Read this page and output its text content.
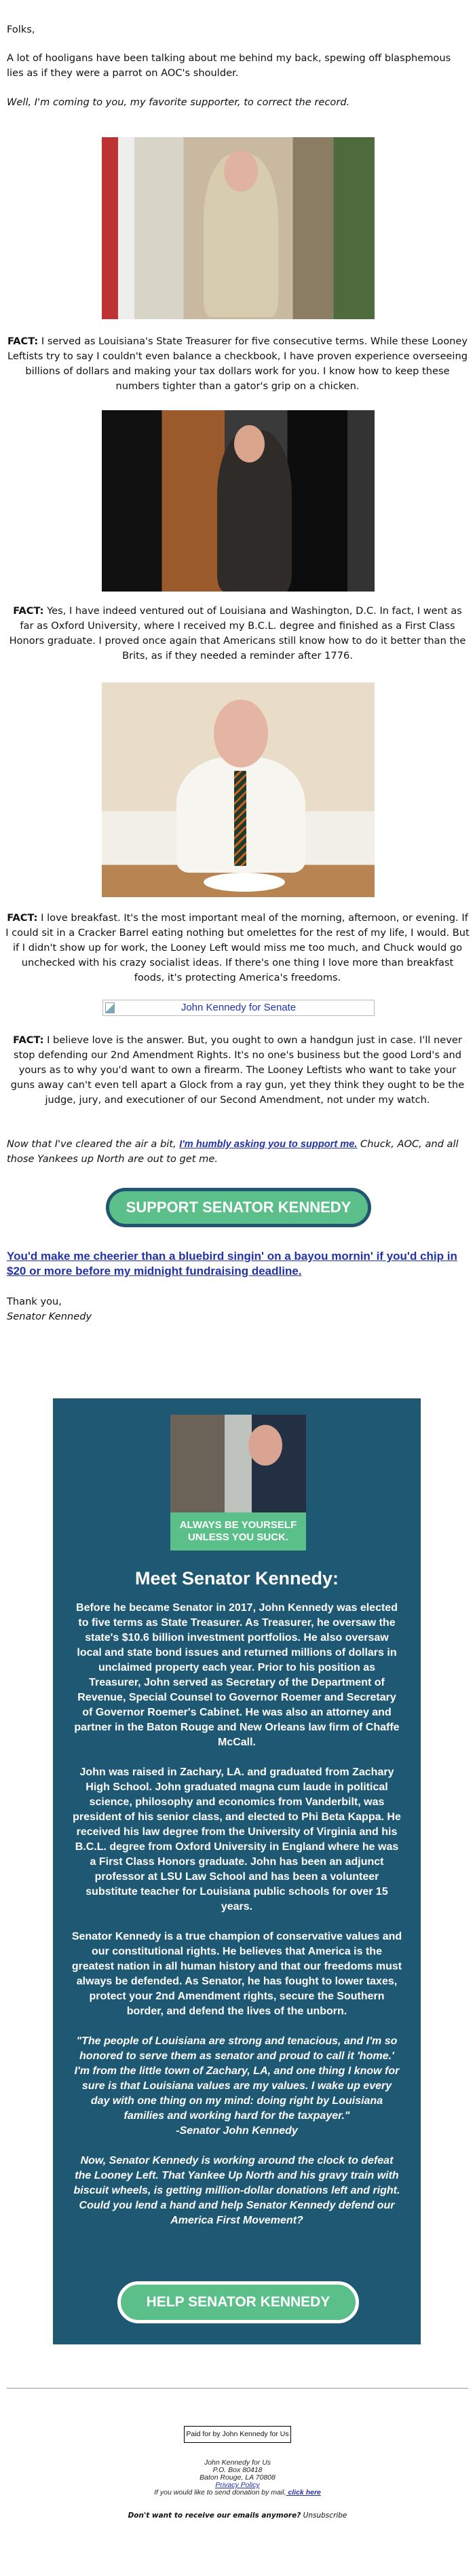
Folks,
A lot of hooligans have been talking about me behind my back, spewing off blasphemous lies as if they were a parrot on AOC's shoulder.
Well, I'm coming to you, my favorite supporter, to correct the record.
FACT: I served as Louisiana's State Treasurer for five consecutive terms. While these Looney Leftists try to say I couldn't even balance a checkbook, I have proven experience overseeing billions of dollars and making your tax dollars work for you. I know how to keep these numbers tighter than a gator's grip on a chicken.
FACT: Yes, I have indeed ventured out of Louisiana and Washington, D.C. In fact, I went as far as Oxford University, where I received my B.C.L. degree and finished as a First Class Honors graduate. I proved once again that Americans still know how to do it better than the Brits, as if they needed a reminder after 1776.
FACT: I love breakfast. It's the most important meal of the morning, afternoon, or evening. If I could sit in a Cracker Barrel eating nothing but omelettes for the rest of my life, I would. But if I didn't show up for work, the Looney Left would miss me too much, and Chuck would go unchecked with his crazy socialist ideas. If there's one thing I love more than breakfast foods, it's protecting America's freedoms.
John Kennedy for Senate
FACT: I believe love is the answer. But, you ought to own a handgun just in case. I'll never stop defending our 2nd Amendment Rights. It's no one's business but the good Lord's and yours as to why you'd want to own a firearm. The Looney Leftists who want to take your guns away can't even tell apart a Glock from a ray gun, yet they think they ought to be the judge, jury, and executioner of our Second Amendment, not under my watch.
Now that I've cleared the air a bit, I'm humbly asking you to support me. Chuck, AOC, and all those Yankees up North are out to get me.
SUPPORT SENATOR KENNEDY
You'd make me cheerier than a bluebird singin' on a bayou mornin' if you'd chip in $20 or more before my midnight fundraising deadline.
Thank you,
Senator Kennedy
ALWAYS BE YOURSELF UNLESS YOU SUCK.
Meet Senator Kennedy:

Before he became Senator in 2017, John Kennedy was elected to five terms as State Treasurer. As Treasurer, he oversaw the state's $10.6 billion investment portfolios. He also oversaw local and state bond issues and returned millions of dollars in unclaimed property each year. Prior to his position as Treasurer, John served as Secretary of the Department of Revenue, Special Counsel to Governor Roemer and Secretary of Governor Roemer's Cabinet. He was also an attorney and partner in the Baton Rouge and New Orleans law firm of Chaffe McCall.

John was raised in Zachary, LA. and graduated from Zachary High School. John graduated magna cum laude in political science, philosophy and economics from Vanderbilt, was president of his senior class, and elected to Phi Beta Kappa. He received his law degree from the University of Virginia and his B.C.L. degree from Oxford University in England where he was a First Class Honors graduate. John has been an adjunct professor at LSU Law School and has been a volunteer substitute teacher for Louisiana public schools for over 15 years.

Senator Kennedy is a true champion of conservative values and our constitutional rights. He believes that America is the greatest nation in all human history and that our freedoms must always be defended. As Senator, he has fought to lower taxes, protect your 2nd Amendment rights, secure the Southern border, and defend the lives of the unborn.

"The people of Louisiana are strong and tenacious, and I'm so honored to serve them as senator and proud to call it 'home.' I'm from the little town of Zachary, LA, and one thing I know for sure is that Louisiana values are my values. I wake up every day with one thing on my mind: doing right by Louisiana families and working hard for the taxpayer."
-Senator John Kennedy

Now, Senator Kennedy is working around the clock to defeat the Looney Left. That Yankee Up North and his gravy train with biscuit wheels, is getting million-dollar donations left and right. Could you lend a hand and help Senator Kennedy defend our America First Movement?

HELP SENATOR KENNEDY
Paid for by John Kennedy for Us
John Kennedy for Us
P.O. Box 80418
Baton Rouge, LA 70808
Privacy Policy
If you would like to send donation by mail, click here
Don't want to receive our emails anymore? Unsubscribe
